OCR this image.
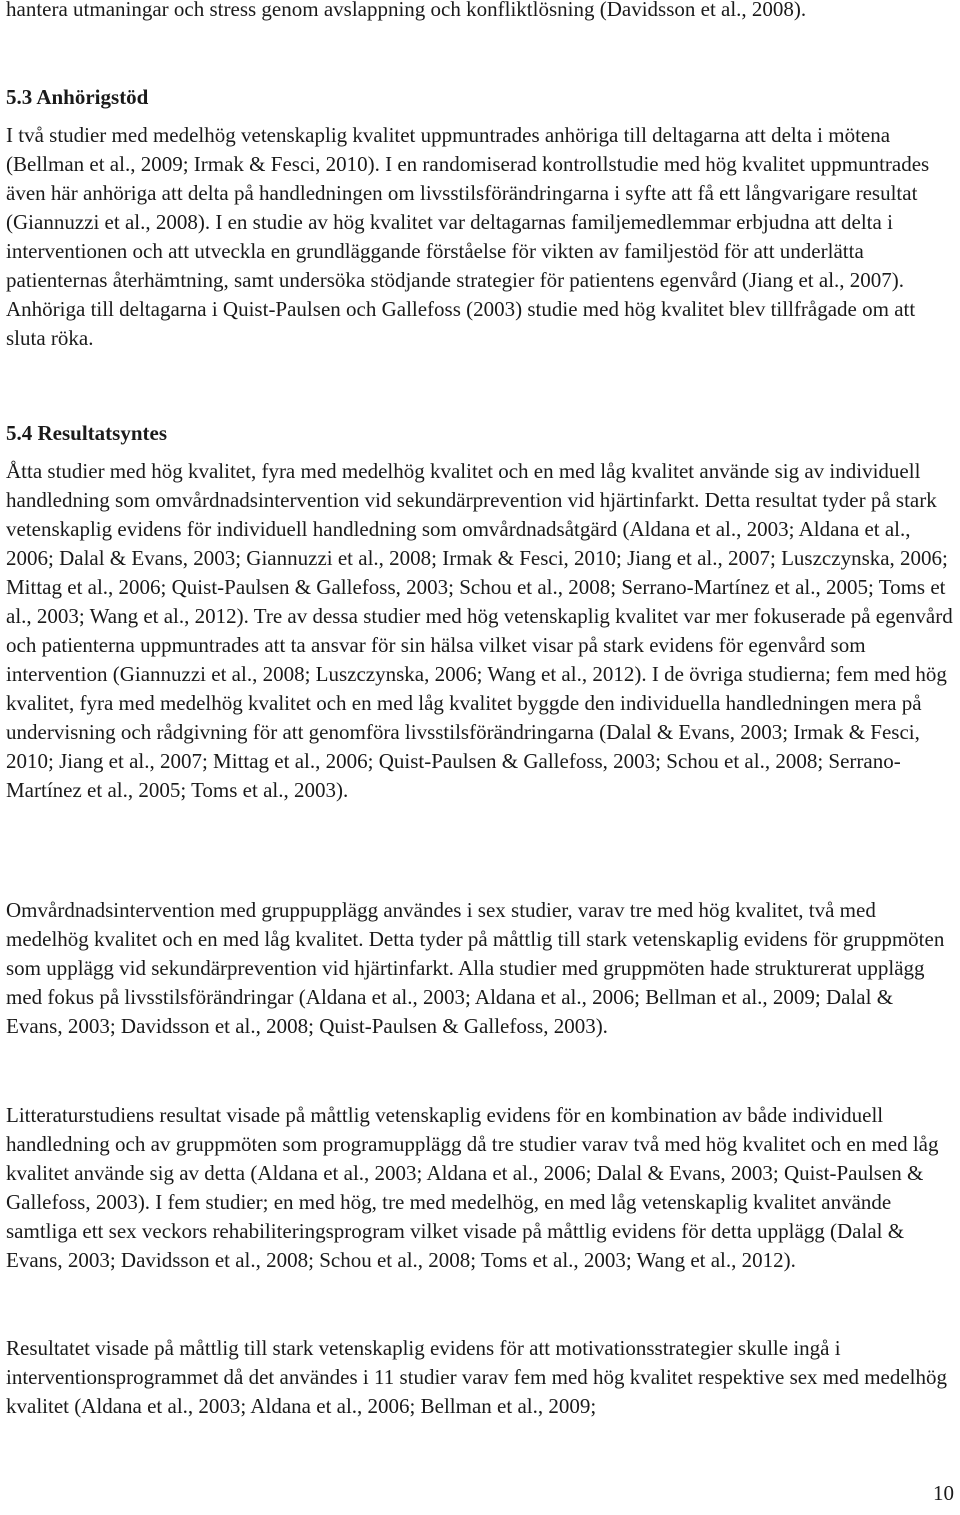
hantera utmaningar och stress genom avslappning och konfliktlösning (Davidsson et al., 2008).

5.3 Anhörigstöd

I två studier med medelhög vetenskaplig kvalitet uppmuntrades anhöriga till deltagarna att delta i mötena (Bellman et al., 2009; Irmak & Fesci, 2010). I en randomiserad kontrollstudie med hög kvalitet uppmuntrades även här anhöriga att delta på handledningen om livsstilsförändringarna i syfte att få ett långvarigare resultat (Giannuzzi et al., 2008). I en studie av hög kvalitet var deltagarnas familjemedlemmar erbjudna att delta i interventionen och att utveckla en grundläggande förståelse för vikten av familjestöd för att underlätta patienternas återhämtning, samt undersöka stödjande strategier för patientens egenvård (Jiang et al., 2007). Anhöriga till deltagarna i Quist-Paulsen och Gallefoss (2003) studie med hög kvalitet blev tillfrågade om att sluta röka.

5.4 Resultatsyntes

Åtta studier med hög kvalitet, fyra med medelhög kvalitet och en med låg kvalitet använde sig av individuell handledning som omvårdnadsintervention vid sekundärprevention vid hjärtinfarkt. Detta resultat tyder på stark vetenskaplig evidens för individuell handledning som omvårdnadsåtgärd (Aldana et al., 2003; Aldana et al., 2006; Dalal & Evans, 2003; Giannuzzi et al., 2008; Irmak & Fesci, 2010; Jiang et al., 2007; Luszczynska, 2006; Mittag et al., 2006; Quist-Paulsen & Gallefoss, 2003; Schou et al., 2008; Serrano-Martínez et al., 2005; Toms et al., 2003; Wang et al., 2012). Tre av dessa studier med hög vetenskaplig kvalitet var mer fokuserade på egenvård och patienterna uppmuntrades att ta ansvar för sin hälsa vilket visar på stark evidens för egenvård som intervention (Giannuzzi et al., 2008; Luszczynska, 2006; Wang et al., 2012). I de övriga studierna; fem med hög kvalitet, fyra med medelhög kvalitet och en med låg kvalitet byggde den individuella handledningen mera på undervisning och rådgivning för att genomföra livsstilsförändringarna (Dalal & Evans, 2003; Irmak & Fesci, 2010; Jiang et al., 2007; Mittag et al., 2006; Quist-Paulsen & Gallefoss, 2003; Schou et al., 2008; Serrano-Martínez et al., 2005; Toms et al., 2003).

Omvårdnadsintervention med gruppupplägg användes i sex studier, varav tre med hög kvalitet, två med medelhög kvalitet och en med låg kvalitet. Detta tyder på måttlig till stark vetenskaplig evidens för gruppmöten som upplägg vid sekundärprevention vid hjärtinfarkt. Alla studier med gruppmöten hade strukturerat upplägg med fokus på livsstilsförändringar (Aldana et al., 2003; Aldana et al., 2006; Bellman et al., 2009; Dalal & Evans, 2003; Davidsson et al., 2008; Quist-Paulsen & Gallefoss, 2003).

Litteraturstudiens resultat visade på måttlig vetenskaplig evidens för en kombination av både individuell handledning och av gruppmöten som programupplägg då tre studier varav två med hög kvalitet och en med låg kvalitet använde sig av detta (Aldana et al., 2003; Aldana et al., 2006; Dalal & Evans, 2003; Quist-Paulsen & Gallefoss, 2003). I fem studier; en med hög, tre med medelhög, en med låg vetenskaplig kvalitet använde samtliga ett sex veckors rehabiliteringsprogram vilket visade på måttlig evidens för detta upplägg (Dalal & Evans, 2003; Davidsson et al., 2008; Schou et al., 2008; Toms et al., 2003; Wang et al., 2012).

Resultatet visade på måttlig till stark vetenskaplig evidens för att motivationsstrategier skulle ingå i interventionsprogrammet då det användes i 11 studier varav fem med hög kvalitet respektive sex med medelhög kvalitet (Aldana et al., 2003; Aldana et al., 2006; Bellman et al., 2009;

10
